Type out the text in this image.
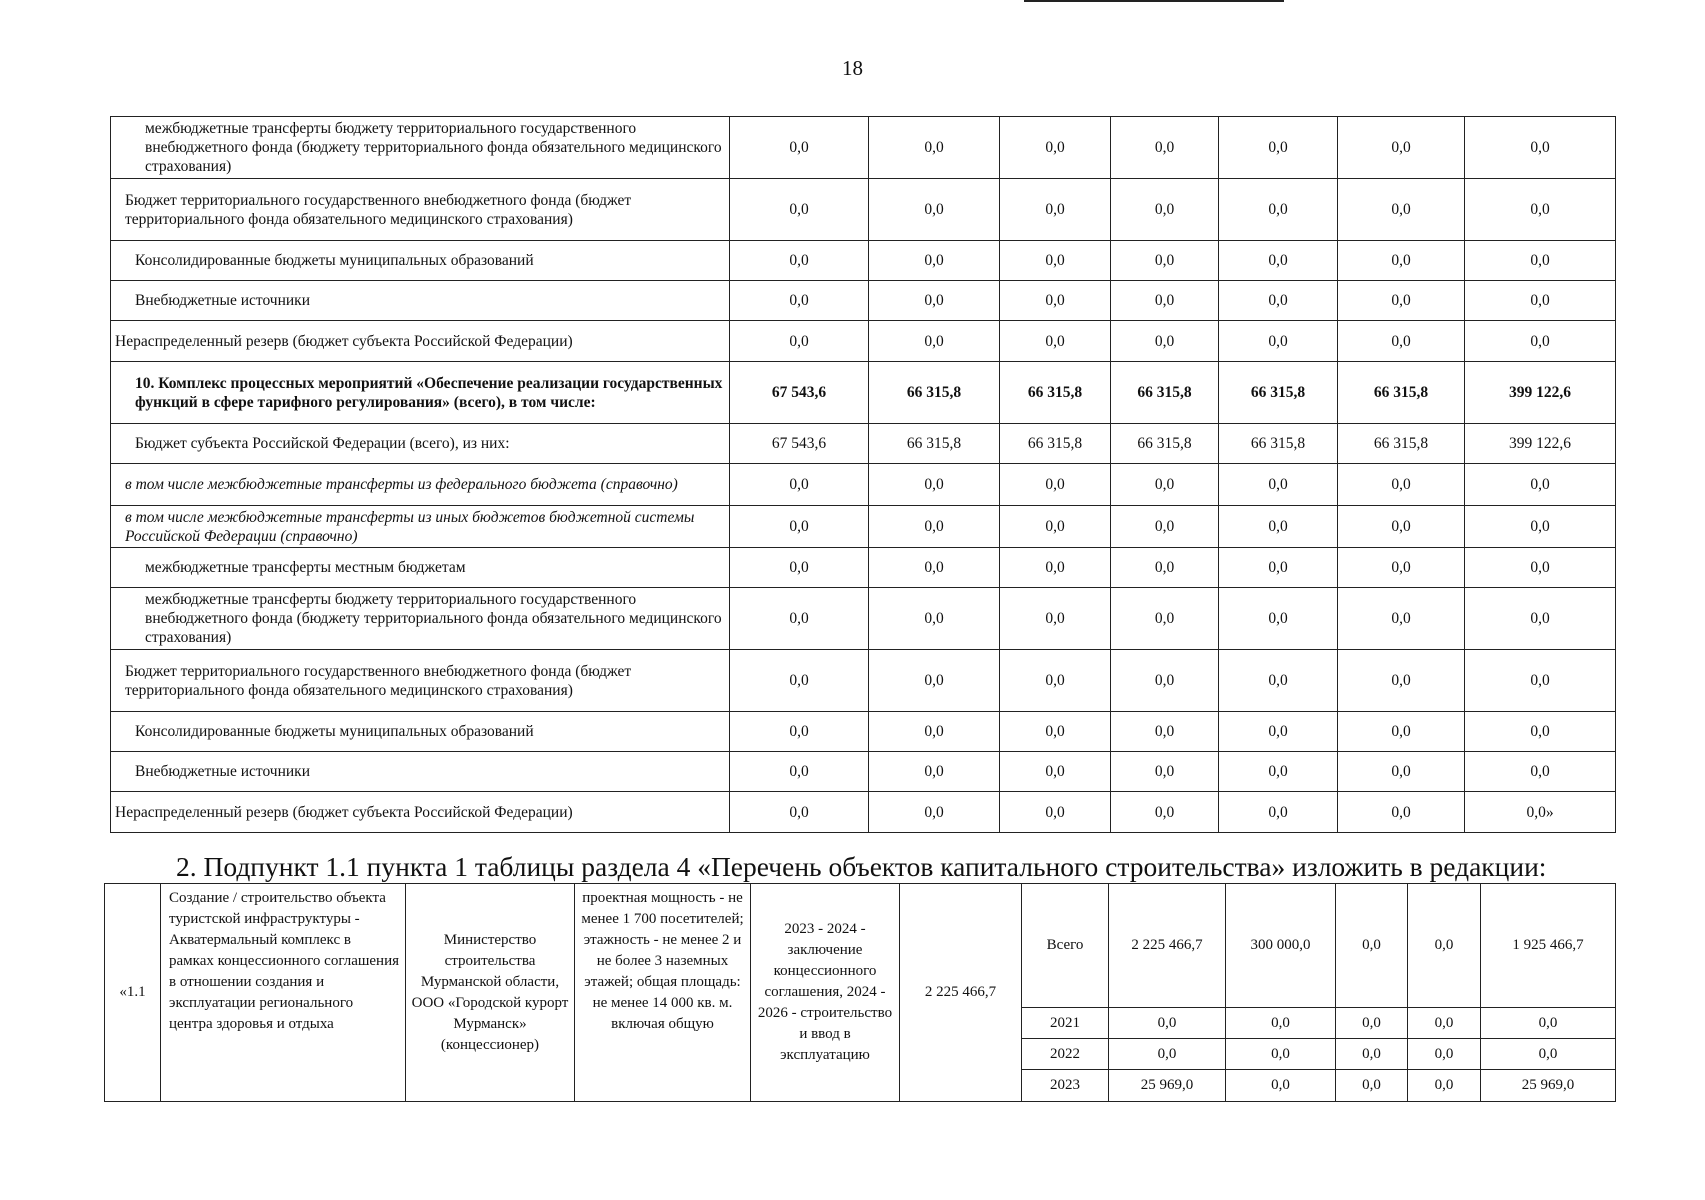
18
межбюджетные трансферты бюджету территориального государственного внебюджетного фонда (бюджету территориального фонда обязательного медицинского страхования)	0,0	0,0	0,0	0,0	0,0	0,0	0,0
Бюджет территориального государственного внебюджетного фонда (бюджет территориального фонда обязательного медицинского страхования)	0,0	0,0	0,0	0,0	0,0	0,0	0,0
Консолидированные бюджеты муниципальных образований	0,0	0,0	0,0	0,0	0,0	0,0	0,0
Внебюджетные источники	0,0	0,0	0,0	0,0	0,0	0,0	0,0
Нераспределенный резерв (бюджет субъекта Российской Федерации)	0,0	0,0	0,0	0,0	0,0	0,0	0,0
10. Комплекс процессных мероприятий «Обеспечение реализации государственных функций в сфере тарифного регулирования» (всего), в том числе:	67 543,6	66 315,8	66 315,8	66 315,8	66 315,8	66 315,8	399 122,6
Бюджет субъекта Российской Федерации (всего), из них:	67 543,6	66 315,8	66 315,8	66 315,8	66 315,8	66 315,8	399 122,6
в том числе межбюджетные трансферты из федерального бюджета (справочно)	0,0	0,0	0,0	0,0	0,0	0,0	0,0
в том числе межбюджетные трансферты из иных бюджетов бюджетной системы Российской Федерации (справочно)	0,0	0,0	0,0	0,0	0,0	0,0	0,0
межбюджетные трансферты местным бюджетам	0,0	0,0	0,0	0,0	0,0	0,0	0,0
межбюджетные трансферты бюджету территориального государственного внебюджетного фонда (бюджету территориального фонда обязательного медицинского страхования)	0,0	0,0	0,0	0,0	0,0	0,0	0,0
Бюджет территориального государственного внебюджетного фонда (бюджет территориального фонда обязательного медицинского страхования)	0,0	0,0	0,0	0,0	0,0	0,0	0,0
Консолидированные бюджеты муниципальных образований	0,0	0,0	0,0	0,0	0,0	0,0	0,0
Внебюджетные источники	0,0	0,0	0,0	0,0	0,0	0,0	0,0
Нераспределенный резерв (бюджет субъекта Российской Федерации)	0,0	0,0	0,0	0,0	0,0	0,0	0,0»
2. Подпункт 1.1 пункта 1 таблицы раздела 4 «Перечень объектов капитального строительства» изложить в редакции:
«1.1	Создание / строительство объекта туристской инфраструктуры - Акватермальный комплекс в рамках концессионного соглашения в отношении создания и эксплуатации регионального центра здоровья и отдыха	Министерство строительства Мурманской области, ООО «Городской курорт Мурманск» (концессионер)	проектная мощность - не менее 1 700 посетителей; этажность - не менее 2 и не более 3 наземных этажей; общая площадь: не менее 14 000 кв. м. включая общую	2023 - 2024 - заключение концессионного соглашения, 2024 - 2026 - строительство и ввод в эксплуатацию	2 225 466,7	Всего	2 225 466,7	300 000,0	0,0	0,0	1 925 466,7
						2021	0,0	0,0	0,0	0,0	0,0
						2022	0,0	0,0	0,0	0,0	0,0
						2023	25 969,0	0,0	0,0	0,0	25 969,0
